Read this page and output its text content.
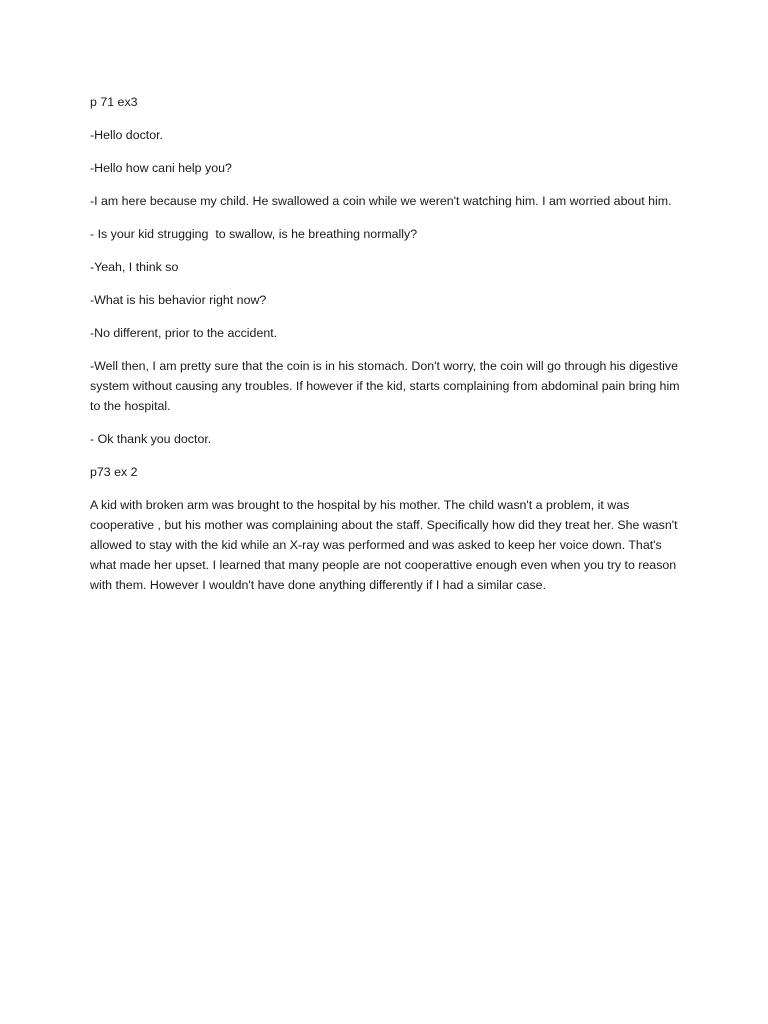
p 71 ex3

-Hello doctor.

-Hello how cani help you?

-I am here because my child. He swallowed a coin while we weren't watching him. I am worried about him.

- Is your kid strugging  to swallow, is he breathing normally?

-Yeah, I think so

-What is his behavior right now?

-No different, prior to the accident.

-Well then, I am pretty sure that the coin is in his stomach. Don't worry, the coin will go through his digestive system without causing any troubles. If however if the kid, starts complaining from abdominal pain bring him to the hospital.

- Ok thank you doctor.

p73 ex 2

A kid with broken arm was brought to the hospital by his mother. The child wasn't a problem, it was cooperative , but his mother was complaining about the staff. Specifically how did they treat her. She wasn't allowed to stay with the kid while an X-ray was performed and was asked to keep her voice down. That's what made her upset. I learned that many people are not cooperattive enough even when you try to reason with them. However I wouldn't have done anything differently if I had a similar case.
